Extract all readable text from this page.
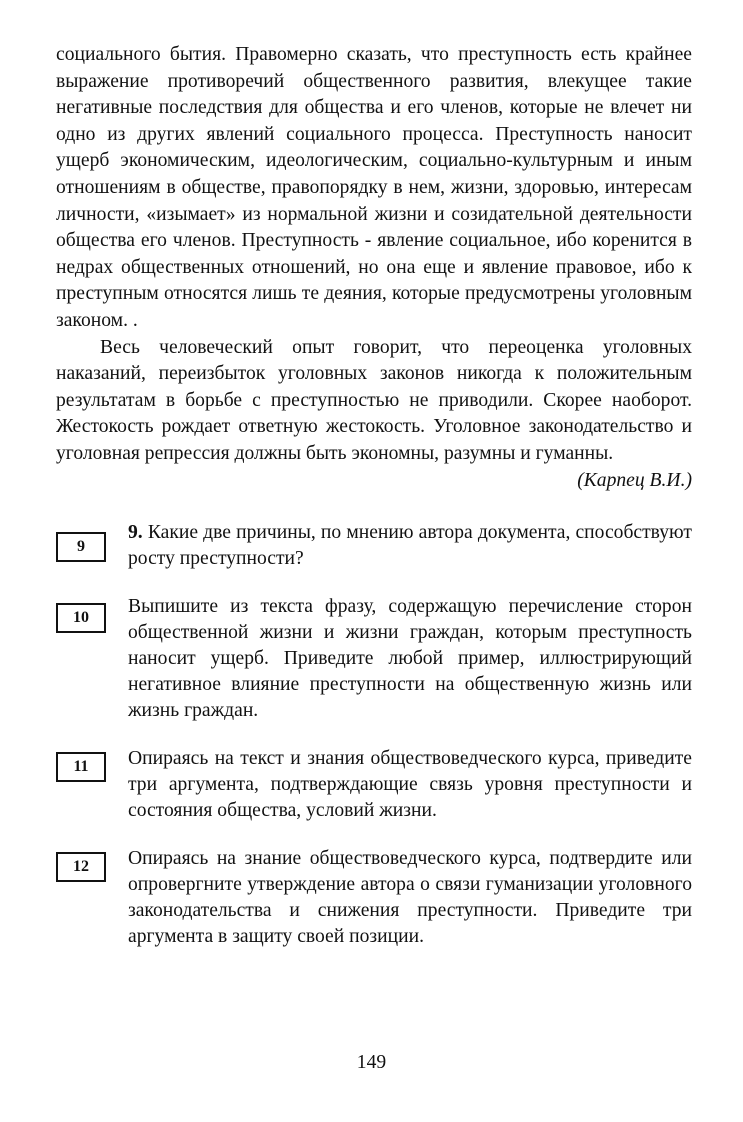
социального бытия. Правомерно сказать, что преступность есть крайнее выражение противоречий общественного развития, влекущее такие негативные последствия для общества и его членов, которые не влечет ни одно из других явлений социального процесса. Преступность наносит ущерб экономическим, идеологическим, социально-культурным и иным отношениям в обществе, правопорядку в нем, жизни, здоровью, интересам личности, «изымает» из нормальной жизни и созидательной деятельности общества его членов. Преступность - явление социальное, ибо коренится в недрах общественных отношений, но она еще и явление правовое, ибо к преступным относятся лишь те деяния, которые предусмотрены уголовным законом. .

Весь человеческий опыт говорит, что переоценка уголовных наказаний, переизбыток уголовных законов никогда к положительным результатам в борьбе с преступностью не приводили. Скорее наоборот. Жестокость рождает ответную жестокость. Уголовное законодательство и уголовная репрессия должны быть экономны, разумны и гуманны.

(Карпец В.И.)

9
9. Какие две причины, по мнению автора документа, способствуют росту преступности?
10
Выпишите из текста фразу, содержащую перечисление сторон общественной жизни и жизни граждан, которым преступность наносит ущерб. Приведите любой пример, иллюстрирующий негативное влияние преступности на общественную жизнь или жизнь граждан.
11	Опираясь на текст и знания обществоведческого курса, приведите три аргумента, подтверждающие связь уровня преступности и состояния общества, условий жизни.
12	Опираясь на знание обществоведческого курса, подтвердите или опровергните утверждение автора о связи гуманизации уголовного законодательства и снижения преступности. Приведите три аргумента в защиту своей позиции.
149
